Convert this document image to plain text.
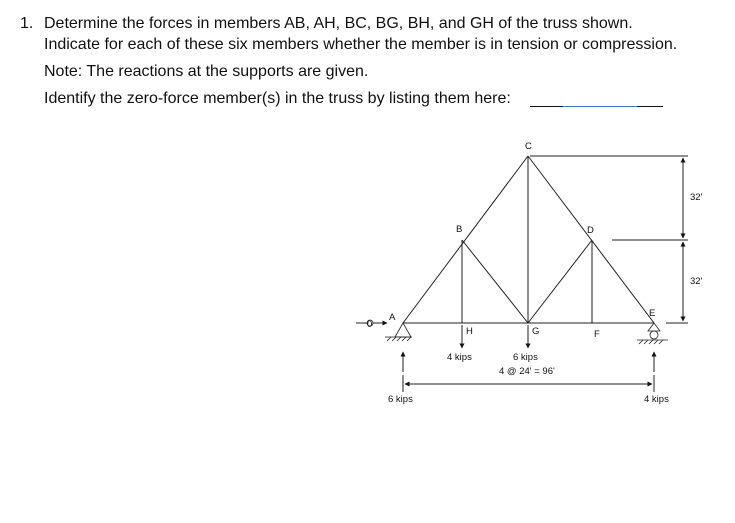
1. Determine the forces in members AB, AH, BC, BG, BH, and GH of the truss shown.
Indicate for each of these six members whether the member is in tension or compression.
Note: The reactions at the supports are given.
Identify the zero-force member(s) in the truss by listing them here:
0
A
B
C
D
E
F
G
H
4 kips	6 kips
4 @ 24' = 96'
6 kips	4 kips
32'
32'
